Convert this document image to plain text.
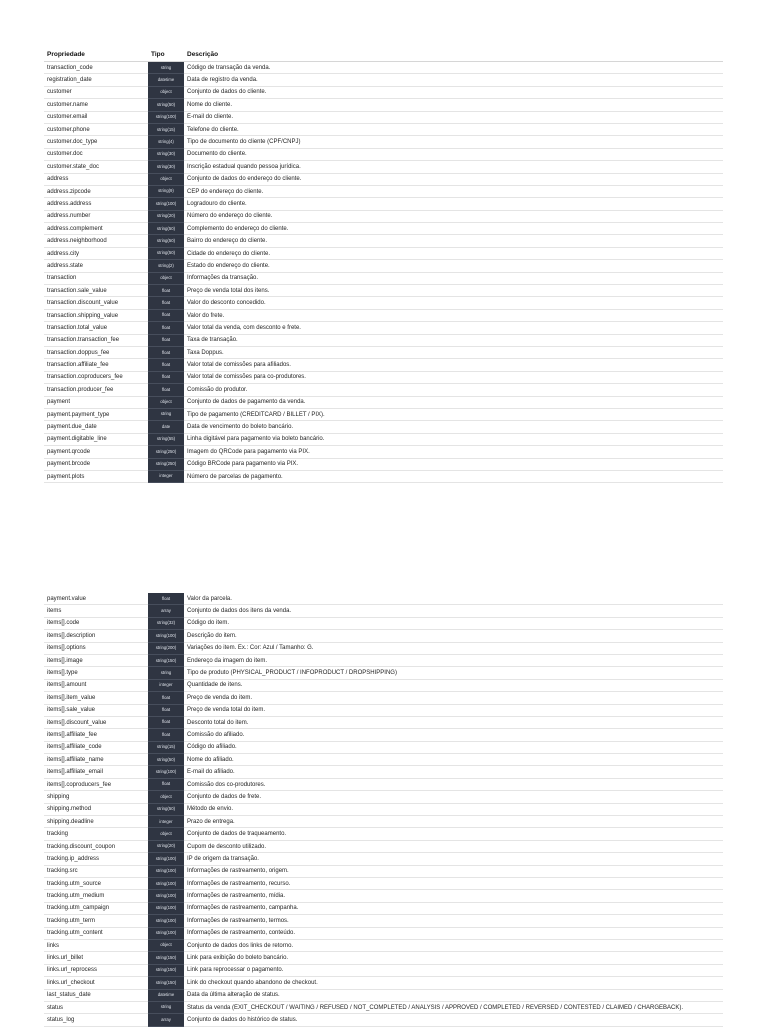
Propriedade	Tipo	Descrição
transaction_code	string	Código de transação da venda.
registration_date	datetime	Data de registro da venda.
customer	object	Conjunto de dados do cliente.
customer.name	string(50)	Nome do cliente.
customer.email	string(100)	E-mail do cliente.
customer.phone	string(15)	Telefone do cliente.
customer.doc_type	string(4)	Tipo de documento do cliente (CPF/CNPJ)
customer.doc	string(30)	Documento do cliente.
customer.state_doc	string(30)	Inscrição estadual quando pessoa jurídica.
address	object	Conjunto de dados do endereço do cliente.
address.zipcode	string(9)	CEP do endereço do cliente.
address.address	string(100)	Logradouro do cliente.
address.number	string(20)	Número do endereço do cliente.
address.complement	string(50)	Complemento do endereço do cliente.
address.neighborhood	string(50)	Bairro do endereço do cliente.
address.city	string(50)	Cidade do endereço do cliente.
address.state	string(2)	Estado do endereço do cliente.
transaction	object	Informações da transação.
transaction.sale_value	float	Preço de venda total dos itens.
transaction.discount_value	float	Valor do desconto concedido.
transaction.shipping_value	float	Valor do frete.
transaction.total_value	float	Valor total da venda, com desconto e frete.
transaction.transaction_fee	float	Taxa de transação.
transaction.doppus_fee	float	Taxa Doppus.
transaction.affiliate_fee	float	Valor total de comissões para afiliados.
transaction.coproducers_fee	float	Valor total de comissões para co-produtores.
transaction.producer_fee	float	Comissão do produtor.
payment	object	Conjunto de dados de pagamento da venda.
payment.payment_type	string	Tipo de pagamento (CREDITCARD / BILLET / PIX).
payment.due_date	date	Data de vencimento do boleto bancário.
payment.digitable_line	string(55)	Linha digitável para pagamento via boleto bancário.
payment.qrcode	string(250)	Imagem do QRCode para pagamento via PIX.
payment.brcode	string(250)	Código BRCode para pagamento via PIX.
payment.plots	integer	Número de parcelas de pagamento.
payment.value	float	Valor da parcela.
items	array	Conjunto de dados dos itens da venda.
items[].code	string(32)	Código do item.
items[].description	string(100)	Descrição do item.
items[].options	string(200)	Variações do item. Ex.: Cor: Azul / Tamanho: G.
items[].image	string(150)	Endereço da imagem do item.
items[].type	string	Tipo de produto (PHYSICAL_PRODUCT / INFOPRODUCT / DROPSHIPPING)
items[].amount	integer	Quantidade de itens.
items[].item_value	float	Preço de venda do item.
items[].sale_value	float	Preço de venda total do item.
items[].discount_value	float	Desconto total do item.
items[].affiliate_fee	float	Comissão do afiliado.
items[].affiliate_code	string(15)	Código do afiliado.
items[].affiliate_name	string(50)	Nome do afiliado.
items[].affiliate_email	string(100)	E-mail do afiliado.
items[].coproducers_fee	float	Comissão dos co-produtores.
shipping	object	Conjunto de dados de frete.
shipping.method	string(50)	Método de envio.
shipping.deadline	integer	Prazo de entrega.
tracking	object	Conjunto de dados de traqueamento.
tracking.discount_coupon	string(20)	Cupom de desconto utilizado.
tracking.ip_address	string(100)	IP de origem da transação.
tracking.src	string(100)	Informações de rastreamento, origem.
tracking.utm_source	string(100)	Informações de rastreamento, recurso.
tracking.utm_medium	string(100)	Informações de rastreamento, mídia.
tracking.utm_campaign	string(100)	Informações de rastreamento, campanha.
tracking.utm_term	string(100)	Informações de rastreamento, termos.
tracking.utm_content	string(100)	Informações de rastreamento, conteúdo.
links	object	Conjunto de dados dos links de retorno.
links.url_billet	string(150)	Link para exibição do boleto bancário.
links.url_reprocess	string(150)	Link para reprocessar o pagamento.
links.url_checkout	string(150)	Link do checkout quando abandono de checkout.
last_status_date	datetime	Data da última alteração de status.
status	string	Status da venda (EXIT_CHECKOUT / WAITING / REFUSED / NOT_COMPLETED / ANALYSIS / APPROVED / COMPLETED / REVERSED / CONTESTED / CLAIMED / CHARGEBACK).
status_log	array	Conjunto de dados do histórico de status.
